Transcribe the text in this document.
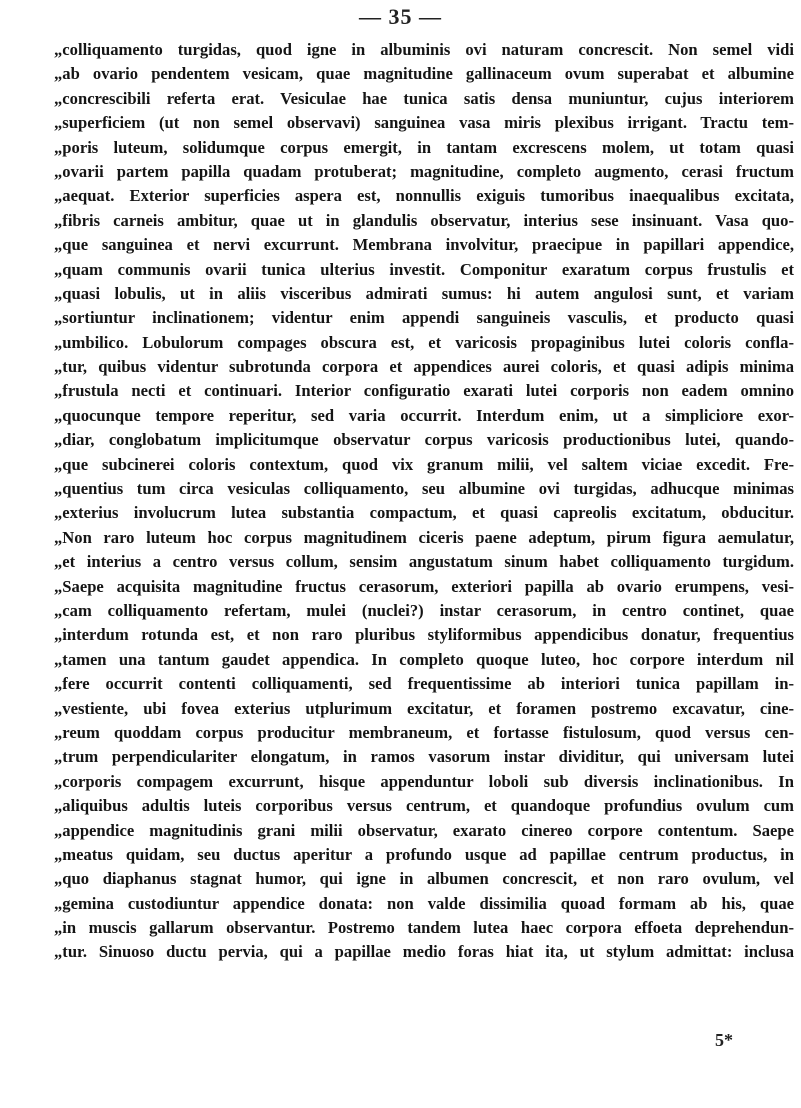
— 35 —
„colliquamento turgidas, quod igne in albuminis ovi naturam concrescit. Non semel vidi
„ab ovario pendentem vesicam, quae magnitudine gallinaceum ovum superabat et albumine
„concrescibili referta erat. Vesiculae hae tunica satis densa muniuntur, cujus interiorem
„superficiem (ut non semel observavi) sanguinea vasa miris plexibus irrigant. Tractu tem-
„poris luteum, solidumque corpus emergit, in tantam excrescens molem, ut totam quasi
„ovarii partem papilla quadam protuberat; magnitudine, completo augmento, cerasi fructum
„aequat. Exterior superficies aspera est, nonnullis exiguis tumoribus inaequalibus excitata,
„fibris carneis ambitur, quae ut in glandulis observatur, interius sese insinuant. Vasa quo-
„que sanguinea et nervi excurrunt. Membrana involvitur, praecipue in papillari appendice,
„quam communis ovarii tunica ulterius investit. Componitur exaratum corpus frustulis et
„quasi lobulis, ut in aliis visceribus admirati sumus: hi autem angulosi sunt, et variam
„sortiuntur inclinationem; videntur enim appendi sanguineis vasculis, et producto quasi
„umbilico. Lobulorum compages obscura est, et varicosis propaginibus lutei coloris confla-
„tur, quibus videntur subrotunda corpora et appendices aurei coloris, et quasi adipis minima
„frustula necti et continuari. Interior configuratio exarati lutei corporis non eadem omnino
„quocunque tempore reperitur, sed varia occurrit. Interdum enim, ut a simpliciore exor-
„diar, conglobatum implicitumque observatur corpus varicosis productionibus lutei, quando-
„que subcinerei coloris contextum, quod vix granum milii, vel saltem viciae excedit. Fre-
„quentius tum circa vesiculas colliquamento, seu albumine ovi turgidas, adhucque minimas
„exterius involucrum lutea substantia compactum, et quasi capreolis excitatum, obducitur.
„Non raro luteum hoc corpus magnitudinem ciceris paene adeptum, pirum figura aemulatur,
„et interius a centro versus collum, sensim angustatum sinum habet colliquamento turgidum.
„Saepe acquisita magnitudine fructus cerasorum, exteriori papilla ab ovario erumpens, vesi-
„cam colliquamento refertam, mulei (nuclei?) instar cerasorum, in centro continet, quae
„interdum rotunda est, et non raro pluribus styliformibus appendicibus donatur, frequentius
„tamen una tantum gaudet appendica. In completo quoque luteo, hoc corpore interdum nil
„fere occurrit contenti colliquamenti, sed frequentissime ab interiori tunica papillam in-
„vestiente, ubi fovea exterius utplurimum excitatur, et foramen postremo excavatur, cine-
„reum quoddam corpus producitur membraneum, et fortasse fistulosum, quod versus cen-
„trum perpendiculariter elongatum, in ramos vasorum instar dividitur, qui universam lutei
„corporis compagem excurrunt, hisque appenduntur loboli sub diversis inclinationibus. In
„aliquibus adultis luteis corporibus versus centrum, et quandoque profundius ovulum cum
„appendice magnitudinis grani milii observatur, exarato cinereo corpore contentum. Saepe
„meatus quidam, seu ductus aperitur a profundo usque ad papillae centrum productus, in
„quo diaphanus stagnat humor, qui igne in albumen concrescit, et non raro ovulum, vel
„gemina custodiuntur appendice donata: non valde dissimilia quoad formam ab his, quae
„in muscis gallarum observantur. Postremo tandem lutea haec corpora effoeta deprehendun-
„tur. Sinuoso ductu pervia, qui a papillae medio foras hiat ita, ut stylum admittat: inclusa
5*
